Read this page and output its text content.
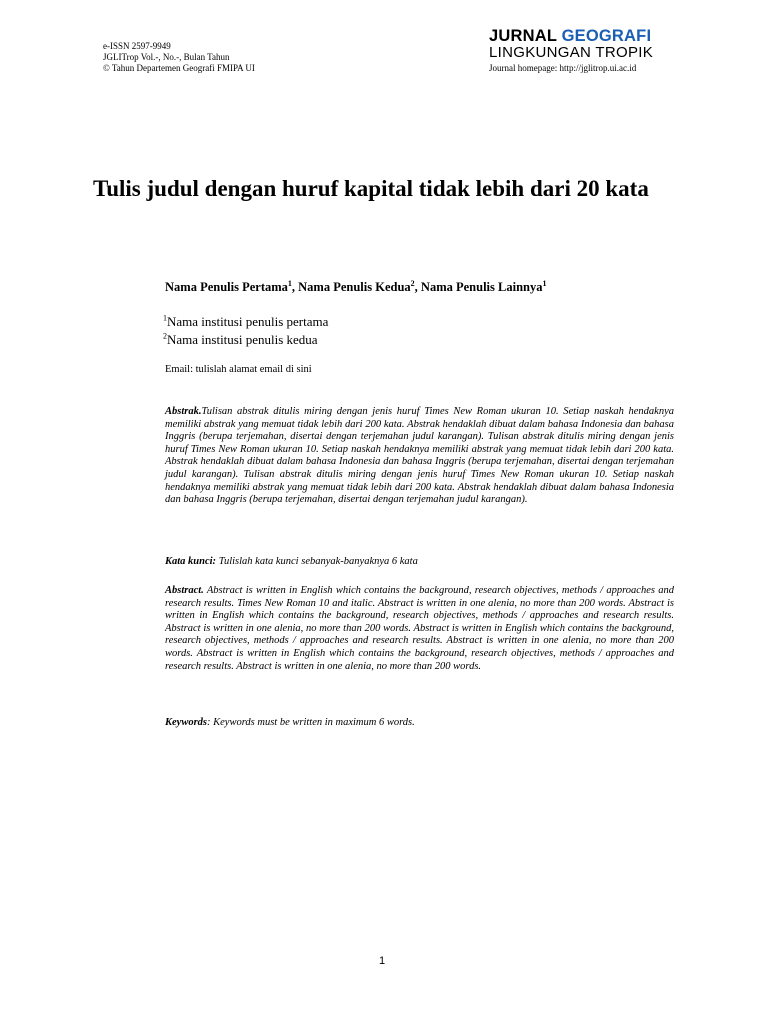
e-ISSN 2597-9949
JGLITrop Vol.-, No.-, Bulan Tahun
© Tahun Departemen Geografi FMIPA UI
JURNAL GEOGRAFI
LINGKUNGAN TROPIK
Journal homepage: http://jglitrop.ui.ac.id
Tulis judul dengan huruf kapital tidak lebih dari 20 kata
Nama Penulis Pertama$^1$, Nama Penulis Kedua$^2$, Nama Penulis Lainnya$^1$
$^1$Nama institusi penulis pertama
$^2$Nama institusi penulis kedua
Email: tulislah alamat email di sini
Abstrak.Tulisan abstrak ditulis miring dengan jenis huruf Times New Roman ukuran 10. Setiap naskah hendaknya memiliki abstrak yang memuat tidak lebih dari 200 kata. Abstrak hendaklah dibuat dalam bahasa Indonesia dan bahasa Inggris (berupa terjemahan, disertai dengan terjemahan judul karangan). Tulisan abstrak ditulis miring dengan jenis huruf Times New Roman ukuran 10. Setiap naskah hendaknya memiliki abstrak yang memuat tidak lebih dari 200 kata. Abstrak hendaklah dibuat dalam bahasa Indonesia dan bahasa Inggris (berupa terjemahan, disertai dengan terjemahan judul karangan). Tulisan abstrak ditulis miring dengan jenis huruf Times New Roman ukuran 10. Setiap naskah hendaknya memiliki abstrak yang memuat tidak lebih dari 200 kata. Abstrak hendaklah dibuat dalam bahasa Indonesia dan bahasa Inggris (berupa terjemahan, disertai dengan terjemahan judul karangan).
Kata kunci: Tulislah kata kunci sebanyak-banyaknya 6 kata
Abstract. Abstract is written in English which contains the background, research objectives, methods / approaches and research results. Times New Roman 10 and italic. Abstract is written in one alenia, no more than 200 words. Abstract is written in English which contains the background, research objectives, methods / approaches and research results. Abstract is written in one alenia, no more than 200 words. Abstract is written in English which contains the background, research objectives, methods / approaches and research results. Abstract is written in one alenia, no more than 200 words. Abstract is written in English which contains the background, research objectives, methods / approaches and research results. Abstract is written in one alenia, no more than 200 words.
Keywords: Keywords must be written in maximum 6 words.
1
